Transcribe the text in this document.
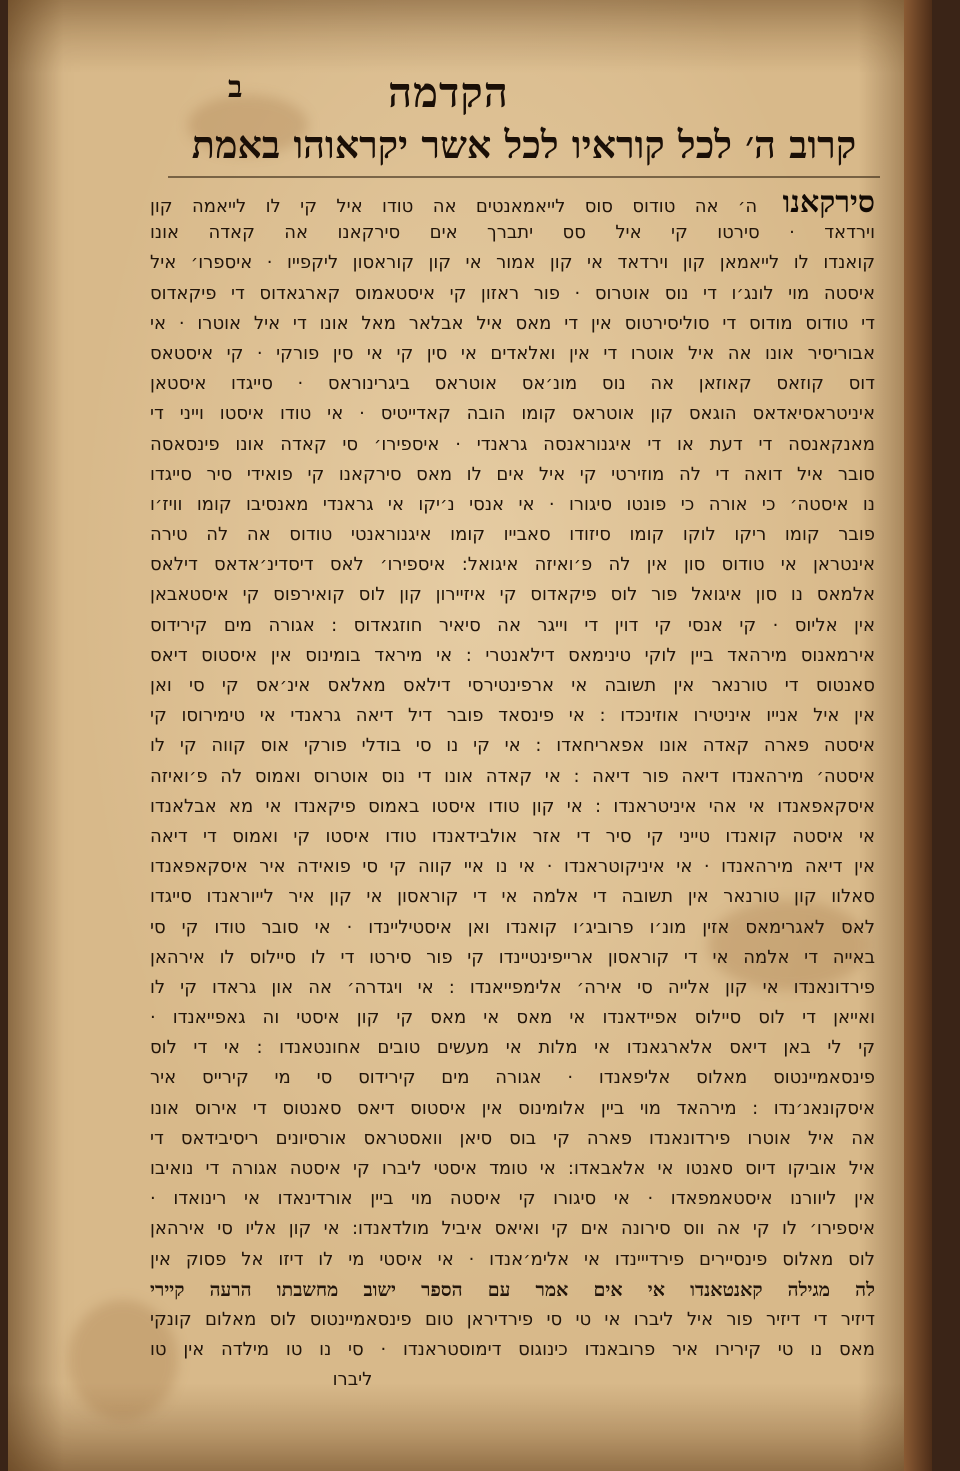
ב	הקדמה
קרוב ה׳ לכל קוראיו לכל אשר יקראוהו באמת
סירקאנו ה׳ אה טודוס סוס לייאמאנטים אה טודו איל קי לו לייאמה קון
וירדאד · סירטו קי איל סס יתברך אים סירקאנו אה קאדה אונו
קואנדו לו לייאמאן קון וירדאד אי קון אמור אי קון קוראסון ליקפייו · איספרו׳ איל
איסטה מוי לונג׳ו די נוס אוטרוס · פור ראזון קי איסטאמוס קארגאדוס די פיקאדוס
די טודוס מודוס די סוליסירטוס אין די מאס איל אבלאר מאל אונו די איל אוטרו · אי
אבוריסיר אונו אה איל אוטרו די אין ואלאדים אי סין קי אי סין פורקי · קי איסטאס
דוס קוזאס קאוזאן אה נוס מונ׳אס אוטראס ביגרינוראס · סייגדו איסטאן
איניטראסיאדאס הוגאס קון אוטראס קומו הובה קאדייטיס · אי טודו איסטו וייני די
מאנקאנסה די דעת או די איגנוראנסה גראנדי · איספירו׳ סי קאדה אונו פינסאסה
סובר איל דואה די לה מוזירטי קי איל אים לו מאס סירקאנו קי פואידי סיר סייגדו
נו איסטה׳ כי אורה כי פונטו סיגורו · אי אנסי נ׳יקו אי גראנדי מאנסיבו קומו וויז׳ו
פובר קומו ריקו לוקו קומו סיזודו סאבייו קומו איגנוראנטי טודוס אה לה טירה
אינטראן אי טודוס סון אין לה פ׳ואיזה איגואל: איספירו׳ לאס דיסדינ׳אדאס דילאס
אלמאס נו סון איגואל פור לוס פיקאדוס קי איזיירון קון לוס קואירפוס קי איסטאבאן
אין אליוס · קי אנסי קי דוין די וייגר אה סיאיר חוזגאדוס : אגורה מים קירידוס
אירמאנוס מירהאד ביין לוקי טינימאס דילאנטרי : אי מיראד בומינוס אין איסטוס דיאס
סאנטוס די טורנאר אין תשובה אי ארפינטירסי דילאס מאלאס אינ׳אס קי סי ואן
אין איל אנייו איניטירו אוזינכדו : אי פינסאד פובר דיל דיאה גראנדי אי טימירוסו קי
איסטה פארה קאדה אונו אפאריחאדו : אי קי נו סי בודלי פורקי אוס קווה קי לו
איסטה׳ מירהאנדו דיאה פור דיאה : אי קאדה אונו די נוס אוטרוס ואמוס לה פ׳ואיזה
איסקאפאנדו אי אהי איניטראנדו : אי קון טודו איסטו באמוס פיקאנדו אי מא אבלאנדו
אי איסטה קואנדו טייני קי סיר די אזר אולבידאנדו טודו איסטו קי ואמוס די דיאה
אין דיאה מירהאנדו · אי איניקוטראנדו · אי נו איי קווה קי סי פואידה איר איסקאפאנדו
סאלוו קון טורנאר אין תשובה די אלמה אי די קוראסון אי קון איר לייוראנדו סייגדו
לאס לאגרימאס אזין מונ׳ו פרוביג׳ו קואנדו ואן איסטיליינדו · אי סובר טודו קי סי
באייה די אלמה אי די קוראסון ארייפינטיינדו קי פור סירטו די לו סיילוס לו אירהאן
פירדונאנדו אי קון אלייה סי אירה׳ אלימפייאנדו : אי ויגדרה׳ אה און גראדו קי לו
ואייאן די לוס סיילוס אפיידאנדו אי מאס אי מאס קי קון איסטי וה גאפייאנדו ·
קי לי באן דיאס אלארגאנדו אי מלות אי מעשים טובים אחונטאנדו : אי די לוס
פינסאמיינטוס מאלוס אליפאנדו · אגורה מים קירידוס סי מי קירייס איר
איסקונאנ׳נדו : מירהאד מוי ביין אלומינוס אין איסטוס דיאס סאנטוס די אירוס אונו
אה איל אוטרו פירדונאנדו פארה קי בוס סיאן וואסטראס אורסיונים ריסיבידאס די
איל אוביקו דיוס סאנטו אי אלאבאדו: אי טומד איסטי ליברו קי איסטה אגורה די נואיבו
אין ליוורנו איסטאמפאדו · אי סיגורו קי איסטה מוי ביין אורדינאדו אי רינואדו ·
איספירו׳ לו קי אה ווס סירונה אים קי ואיאס איביל מולדאנדו: אי קון אליו סי אירהאן
לוס מאלוס פינסיירים פירדייינדו אי אלימ׳אנדו · אי איסטי מי לו דיזו אל פסוק אין
לה מגילה קאנטאנדו אי אים אמר עם הספר ישוב מחשבתו הרעה קיירי
דיזיר די דיזיר פור איל ליברו אי טי סי פירדיראן טום פינסאמיינטוס לוס מאלום קונקי
מאס נו טי קירירו איר פרובאנדו כינוגוס דימוסטראנדו · סי נו טו מילדה אין טו
ליברו
